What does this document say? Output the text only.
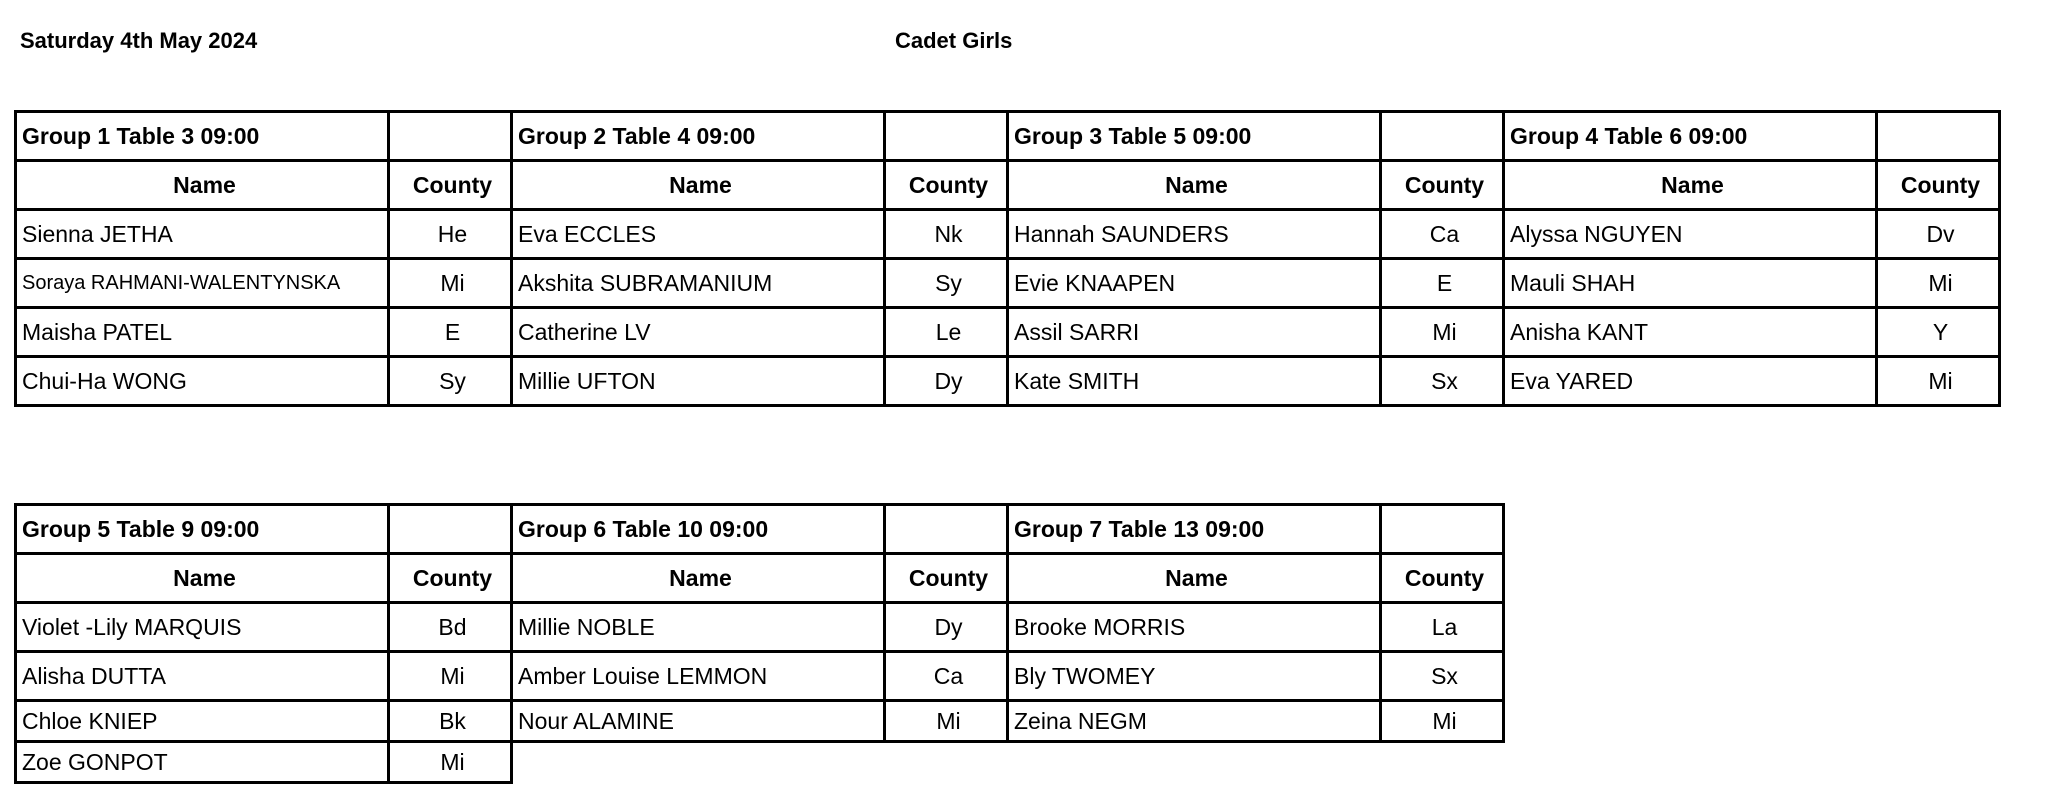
Saturday 4th May 2024	Cadet Girls
Group 1 Table 3 09:00		Group 2 Table 4 09:00		Group 3 Table 5 09:00		Group 4 Table 6 09:00	
Name	County	Name	County	Name	County	Name	County
Sienna JETHA	He	Eva ECCLES	Nk	Hannah SAUNDERS	Ca	Alyssa NGUYEN	Dv
Soraya RAHMANI-WALENTYNSKA	Mi	Akshita SUBRAMANIUM	Sy	Evie KNAAPEN	E	Mauli SHAH	Mi
Maisha PATEL	E	Catherine LV	Le	Assil SARRI	Mi	Anisha KANT	Y
Chui-Ha WONG	Sy	Millie UFTON	Dy	Kate SMITH	Sx	Eva YARED	Mi
Group 5 Table 9 09:00		Group 6 Table 10 09:00		Group 7 Table 13 09:00	
Name	County	Name	County	Name	County
Violet -Lily MARQUIS	Bd	Millie NOBLE	Dy	Brooke MORRIS	La
Alisha DUTTA	Mi	Amber Louise LEMMON	Ca	Bly TWOMEY	Sx
Chloe KNIEP	Bk	Nour ALAMINE	Mi	Zeina NEGM	Mi
Zoe GONPOT	Mi				
